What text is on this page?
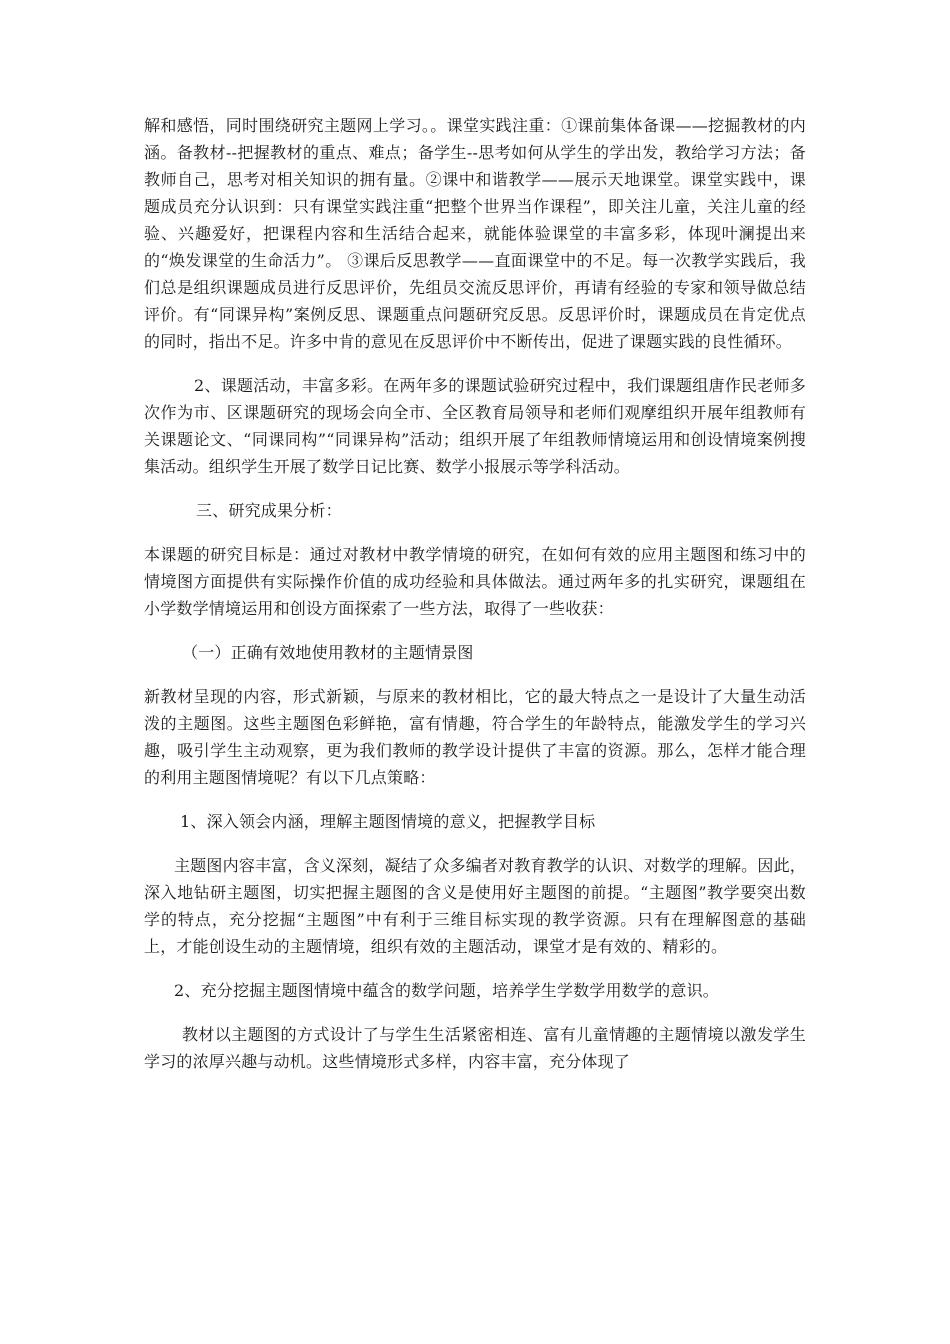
解和感悟，同时围绕研究主题网上学习。。课堂实践注重：①课前集体备课——挖掘教材的内涵。备教材--把握教材的重点、难点；备学生--思考如何从学生的学出发，教给学习方法；备教师自己，思考对相关知识的拥有量。②课中和谐教学——展示天地课堂。课堂实践中，课题成员充分认识到：只有课堂实践注重“把整个世界当作课程”，即关注儿童，关注儿童的经验、兴趣爱好，把课程内容和生活结合起来，就能体验课堂的丰富多彩，体现叶澜提出来的“焕发课堂的生命活力”。 ③课后反思教学——直面课堂中的不足。每一次教学实践后，我们总是组织课题成员进行反思评价，先组员交流反思评价，再请有经验的专家和领导做总结评价。有“同课异构”案例反思、课题重点问题研究反思。反思评价时，课题成员在肯定优点的同时，指出不足。许多中肯的意见在反思评价中不断传出，促进了课题实践的良性循环。

2、课题活动，丰富多彩。在两年多的课题试验研究过程中，我们课题组唐作民老师多次作为市、区课题研究的现场会向全市、全区教育局领导和老师们观摩组织开展年组教师有关课题论文、“同课同构”“同课异构”活动；组织开展了年组教师情境运用和创设情境案例搜集活动。组织学生开展了数学日记比赛、数学小报展示等学科活动。

三、研究成果分析：

本课题的研究目标是：通过对教材中教学情境的研究，在如何有效的应用主题图和练习中的情境图方面提供有实际操作价值的成功经验和具体做法。通过两年多的扎实研究，课题组在小学数学情境运用和创设方面探索了一些方法，取得了一些收获：

（一）正确有效地使用教材的主题情景图

新教材呈现的内容，形式新颖，与原来的教材相比，它的最大特点之一是设计了大量生动活泼的主题图。这些主题图色彩鲜艳，富有情趣，符合学生的年龄特点，能激发学生的学习兴趣，吸引学生主动观察，更为我们教师的教学设计提供了丰富的资源。那么，怎样才能合理的利用主题图情境呢？有以下几点策略：

1、深入领会内涵，理解主题图情境的意义，把握教学目标

主题图内容丰富，含义深刻，凝结了众多编者对教育教学的认识、对数学的理解。因此，深入地钻研主题图，切实把握主题图的含义是使用好主题图的前提。“主题图”教学要突出数学的特点，充分挖掘“主题图”中有利于三维目标实现的教学资源。只有在理解图意的基础上，才能创设生动的主题情境，组织有效的主题活动，课堂才是有效的、精彩的。

2、充分挖掘主题图情境中蕴含的数学问题，培养学生学数学用数学的意识。

教材以主题图的方式设计了与学生生活紧密相连、富有儿童情趣的主题情境以激发学生学习的浓厚兴趣与动机。这些情境形式多样，内容丰富，充分体现了
